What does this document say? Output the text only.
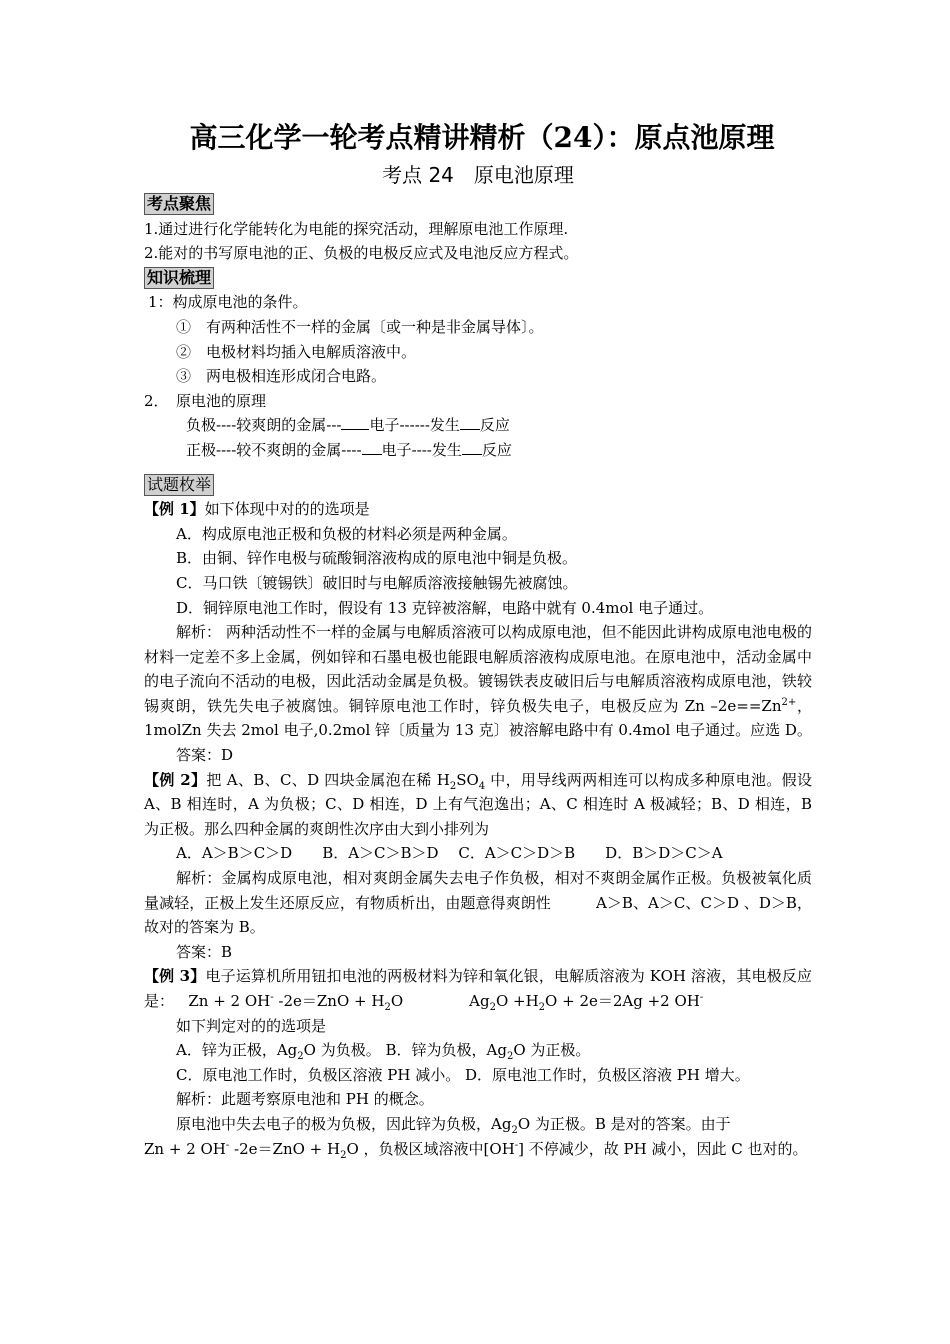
高三化学一轮考点精讲精析（24）：原点池原理
考点 24　原电池原理
考点聚焦
1.通过进行化学能转化为电能的探究活动，理解原电池工作原理.
2.能对的书写原电池的正、负极的电极反应式及电池反应方程式。
知识梳理
1：构成原电池的条件。
①　有两种活性不一样的金属〔或一种是非金属导体〕。
②　电极材料均插入电解质溶液中。
③　两电极相连形成闭合电路。
2．　原电池的原理
负极----较爽朗的金属--- 电子------发生 反应
正极----较不爽朗的金属---- 电子----发生 反应
试题枚举
【例 1】如下体现中对的的选项是
A．构成原电池正极和负极的材料必须是两种金属。
B．由铜、锌作电极与硫酸铜溶液构成的原电池中铜是负极。
C．马口铁〔镀锡铁〕破旧时与电解质溶液接触锡先被腐蚀。
D．铜锌原电池工作时，假设有 13 克锌被溶解，电路中就有 0.4mol 电子通过。
解析： 两种活动性不一样的金属与电解质溶液可以构成原电池，但不能因此讲构成原电池电极的材料一定差不多上金属，例如锌和石墨电极也能跟电解质溶液构成原电池。在原电池中，活动金属中的电子流向不活动的电极，因此活动金属是负极。镀锡铁表皮破旧后与电解质溶液构成原电池，铁较锡爽朗，铁先失电子被腐蚀。铜锌原电池工作时，锌负极失电子，电极反应为 Zn $-2e==Zn^{2+}$，1molZn 失去 2mol 电子,0.2mol 锌〔质量为 13 克〕被溶解电路中有 0.4mol 电子通过。应选 D。
答案：D
【例 2】把 A、B、C、D 四块金属泡在稀 $H_2SO_4$ 中，用导线两两相连可以构成多种原电池。假设 A、B 相连时，A 为负极；C、D 相连，D 上有气泡逸出；A、C 相连时 A 极减轻；B、D 相连，B 为正极。那么四种金属的爽朗性次序由大到小排列为
A．A＞B＞C＞D　　B．A＞C＞B＞D　 C．A＞C＞D＞B　　D．B＞D＞C＞A
解析：金属构成原电池，相对爽朗金属失去电子作负极，相对不爽朗金属作正极。负极被氧化质量减轻，正极上发生还原反应，有物质析出，由题意得爽朗性　　　A＞B、A＞C、C＞D 、D＞B，故对的答案为 B。
答案：B
【例 3】电子运算机所用钮扣电池的两极材料为锌和氧化银，电解质溶液为 KOH 溶液，其电极反应是： Zn + 2 OH- $-2e=ZnO + H_2O$	$Ag_2O +H_2O + 2e=2Ag +2$ OH-
如下判定对的的选项是
A．锌为正极，$Ag_2O$ 为负极。 B．锌为负极，$Ag_2O$ 为正极。
C．原电池工作时，负极区溶液 PH 减小。 D．原电池工作时，负极区溶液 PH 增大。
解析：此题考察原电池和 PH 的概念。
原电池中失去电子的极为负极，因此锌为负极，$Ag_2O$ 为正极。B 是对的答案。由于
Zn + 2 OH- $-2e=ZnO + H_2O$ ，负极区域溶液中[OH-] 不停减少，故 PH 减小，因此 C 也对的。
